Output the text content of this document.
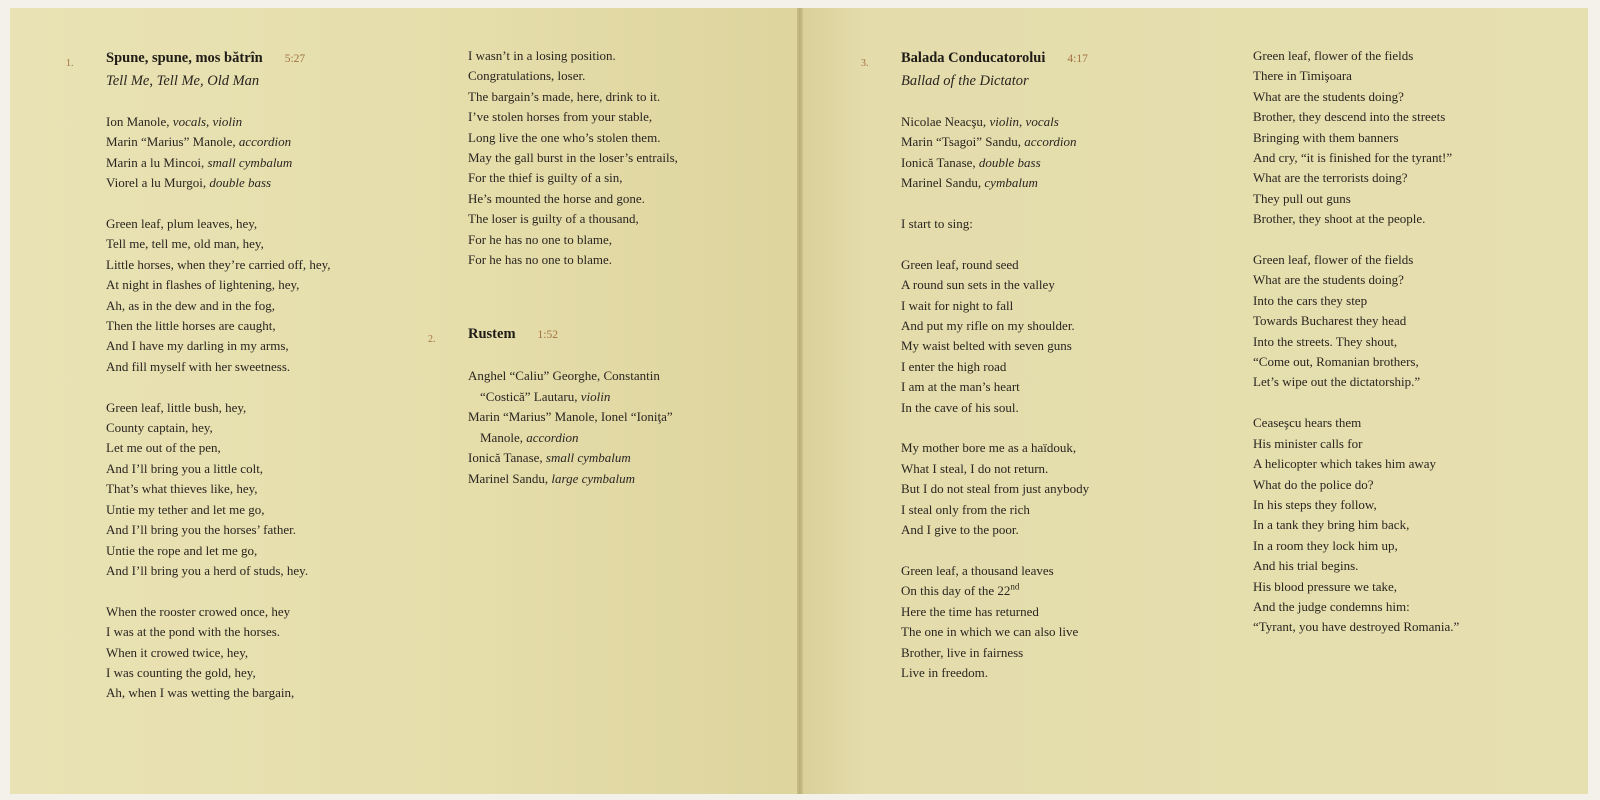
1. Spune, spune, mos bătrîn 5:27
Tell Me, Tell Me, Old Man
Ion Manole, vocals, violin
Marin “Marius” Manole, accordion
Marin a lu Mincoi, small cymbalum
Viorel a lu Murgoi, double bass
Green leaf, plum leaves, hey,
Tell me, tell me, old man, hey,
Little horses, when they’re carried off, hey,
At night in flashes of lightening, hey,
Ah, as in the dew and in the fog,
Then the little horses are caught,
And I have my darling in my arms,
And fill myself with her sweetness.
Green leaf, little bush, hey,
County captain, hey,
Let me out of the pen,
And I’ll bring you a little colt,
That’s what thieves like, hey,
Untie my tether and let me go,
And I’ll bring you the horses’ father.
Untie the rope and let me go,
And I’ll bring you a herd of studs, hey.
When the rooster crowed once, hey
I was at the pond with the horses.
When it crowed twice, hey,
I was counting the gold, hey,
Ah, when I was wetting the bargain,
I wasn’t in a losing position.
Congratulations, loser.
The bargain’s made, here, drink to it.
I’ve stolen horses from your stable,
Long live the one who’s stolen them.
May the gall burst in the loser’s entrails,
For the thief is guilty of a sin,
He’s mounted the horse and gone.
The loser is guilty of a thousand,
For he has no one to blame,
For he has no one to blame.
2. Rustem 1:52
Anghel “Caliu” Georghe, Constantin
“Costică” Lautaru, violin
Marin “Marius” Manole, Ionel “Ioniţa”
Manole, accordion
Ionică Tanase, small cymbalum
Marinel Sandu, large cymbalum
3. Balada Conducatorolui 4:17
Ballad of the Dictator
Nicolae Neacşu, violin, vocals
Marin “Tsagoi” Sandu, accordion
Ionică Tanase, double bass
Marinel Sandu, cymbalum
I start to sing:
Green leaf, round seed
A round sun sets in the valley
I wait for night to fall
And put my rifle on my shoulder.
My waist belted with seven guns
I enter the high road
I am at the man’s heart
In the cave of his soul.
My mother bore me as a haïdouk,
What I steal, I do not return.
But I do not steal from just anybody
I steal only from the rich
And I give to the poor.
Green leaf, a thousand leaves
On this day of the 22nd
Here the time has returned
The one in which we can also live
Brother, live in fairness
Live in freedom.
Green leaf, flower of the fields
There in Timişoara
What are the students doing?
Brother, they descend into the streets
Bringing with them banners
And cry, “it is finished for the tyrant!”
What are the terrorists doing?
They pull out guns
Brother, they shoot at the people.
Green leaf, flower of the fields
What are the students doing?
Into the cars they step
Towards Bucharest they head
Into the streets. They shout,
“Come out, Romanian brothers,
Let’s wipe out the dictatorship.”
Ceaseşcu hears them
His minister calls for
A helicopter which takes him away
What do the police do?
In his steps they follow,
In a tank they bring him back,
In a room they lock him up,
And his trial begins.
His blood pressure we take,
And the judge condemns him:
“Tyrant, you have destroyed Romania.”
